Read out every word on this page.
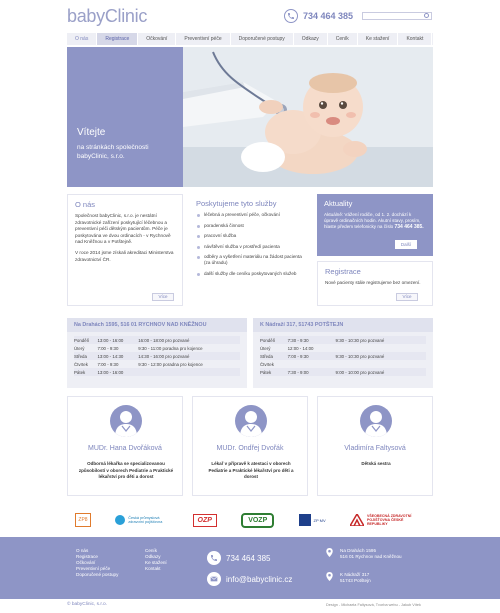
babyClinic	734 464 385
O nás	Registrace	Očkování	Preventivní péče	Doporučené postupy	Odkazy	Ceník	Ke stažení	Kontakt
Vítejte
na stránkách společnosti babyClinic, s.r.o.
O nás

Společnost babyClinic, s.r.o. je nestátní zdravotnické zařízení poskytující léčebnou a preventivní péči dětským pacientům. Péče je poskytována ve dvou ordinacích - v Rychnově nad Kněžnou a v Potštejně.

V roce 2014 jsme získali akreditaci Ministerstva zdravotnictví ČR.

Více
Poskytujeme tyto služby
léčebná a preventivní péče, očkování
poradenská činnost
pracovní služba
návštěvní služba v prostředí pacienta
odběry a vyšetření materiálu na žádost pacienta (za úhradu)
další služby dle ceníku poskytovaných služeb
Aktuality

Aktuálně: Vážení rodiče, od 1. 2. dochází k úpravě ordinačních hodin. Akutní stavy, prosím, hlaste předem telefonicky na číslo 734 464 385.

Další
Registrace

Nové pacienty stále registrujeme bez omezení.

Více
Na Drahách 1595, 516 01 RYCHNOV NAD KNĚŽNOU
Pondělí	13:00 - 16:00	16:00 - 18:00 pro pozvané
Úterý	7:00 - 9:30	9:30 - 11:00 poradna pro kojence
Středa	13:00 - 14:30	14:30 - 16:00 pro pozvané
Čtvrtek	7:00 - 9:30	9:30 - 12:00 poradna pro kojence
Pátek	13:00 - 16:00	
K Nádraží 317, 51743 POTŠTEJN
Pondělí	7:30 - 9:30	9:30 - 10:30 pro pozvané
Úterý	12:00 - 14:00	
Středa	7:00 - 9:30	9:30 - 10:30 pro pozvané
Čtvrtek		
Pátek	7:30 - 9:00	9:00 - 10:00 pro pozvané
MUDr. Hana Dvořáková
Odborná lékařka se specializovanou způsobilostí v oborech Pediatrie a Praktické lékařství pro děti a dorost
MUDr. Ondřej Dvořák
Lékař v přípravě k atestaci v oborech Pediatrie a Praktické lékařství pro děti a dorost
Vladimíra Faltysová
Dětská sestra
ZP8	Česká průmyslová zdravotní pojišťovna	OZP	VOZP	ZP MV
VŠEOBECNÁ ZDRAVOTNÍ POJIŠŤOVNA ČESKÉ REPUBLIKY
O nás
Registrace
Očkování
Preventivní péče
Doporučené postupy
Ceník
Odkazy
Ke stažení
Kontakt
734 464 385
info@babyclinic.cz
Na Drahách 1595
516 01 Rychnov nad Kněžnou
K Nádraží 317
51743 Potštejn
© babyClinic, s.r.o.	Design - Michaela Faltysová, Tvorba webu - Jakub Vítek
